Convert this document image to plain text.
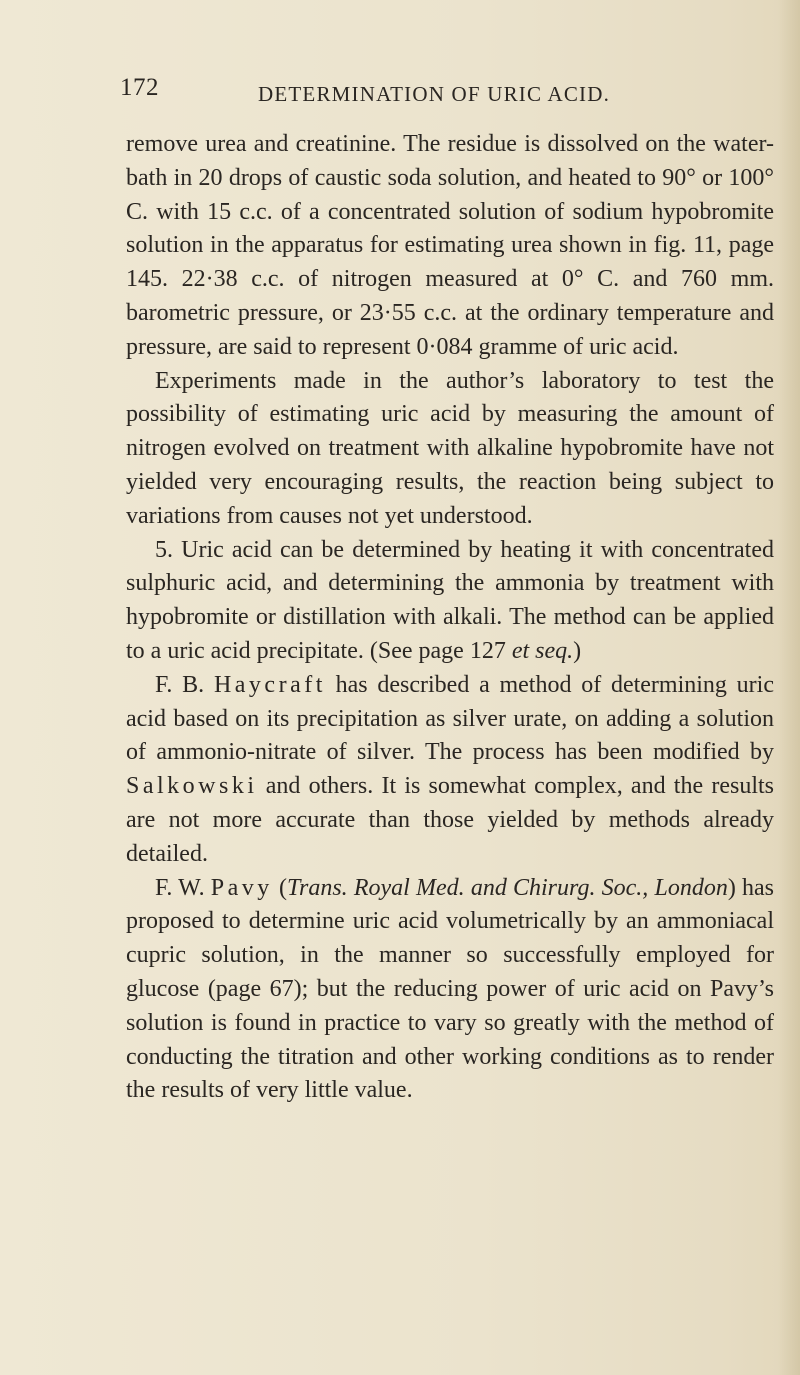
172	DETERMINATION OF URIC ACID.

remove urea and creatinine. The residue is dissolved on the water-bath in 20 drops of caustic soda solution, and heated to 90° or 100° C. with 15 c.c. of a concentrated solution of sodium hypobromite solution in the apparatus for estimating urea shown in fig. 11, page 145. 22·38 c.c. of nitrogen measured at 0° C. and 760 mm. barometric pressure, or 23·55 c.c. at the ordinary temperature and pressure, are said to represent 0·084 gramme of uric acid.

Experiments made in the author’s laboratory to test the possibility of estimating uric acid by measuring the amount of nitrogen evolved on treatment with alkaline hypobromite have not yielded very encouraging results, the reaction being subject to variations from causes not yet understood.

5. Uric acid can be determined by heating it with concentrated sulphuric acid, and determining the ammonia by treatment with hypobromite or distillation with alkali. The method can be applied to a uric acid precipitate. (See page 127 et seq.)

F. B. Haycraft has described a method of determining uric acid based on its precipitation as silver urate, on adding a solution of ammonio-nitrate of silver. The process has been modified by Salkowski and others. It is somewhat complex, and the results are not more accurate than those yielded by methods already detailed.

F. W. Pavy (Trans. Royal Med. and Chirurg. Soc., London) has proposed to determine uric acid volumetrically by an ammoniacal cupric solution, in the manner so successfully employed for glucose (page 67); but the reducing power of uric acid on Pavy’s solution is found in practice to vary so greatly with the method of conducting the titration and other working conditions as to render the results of very little value.
